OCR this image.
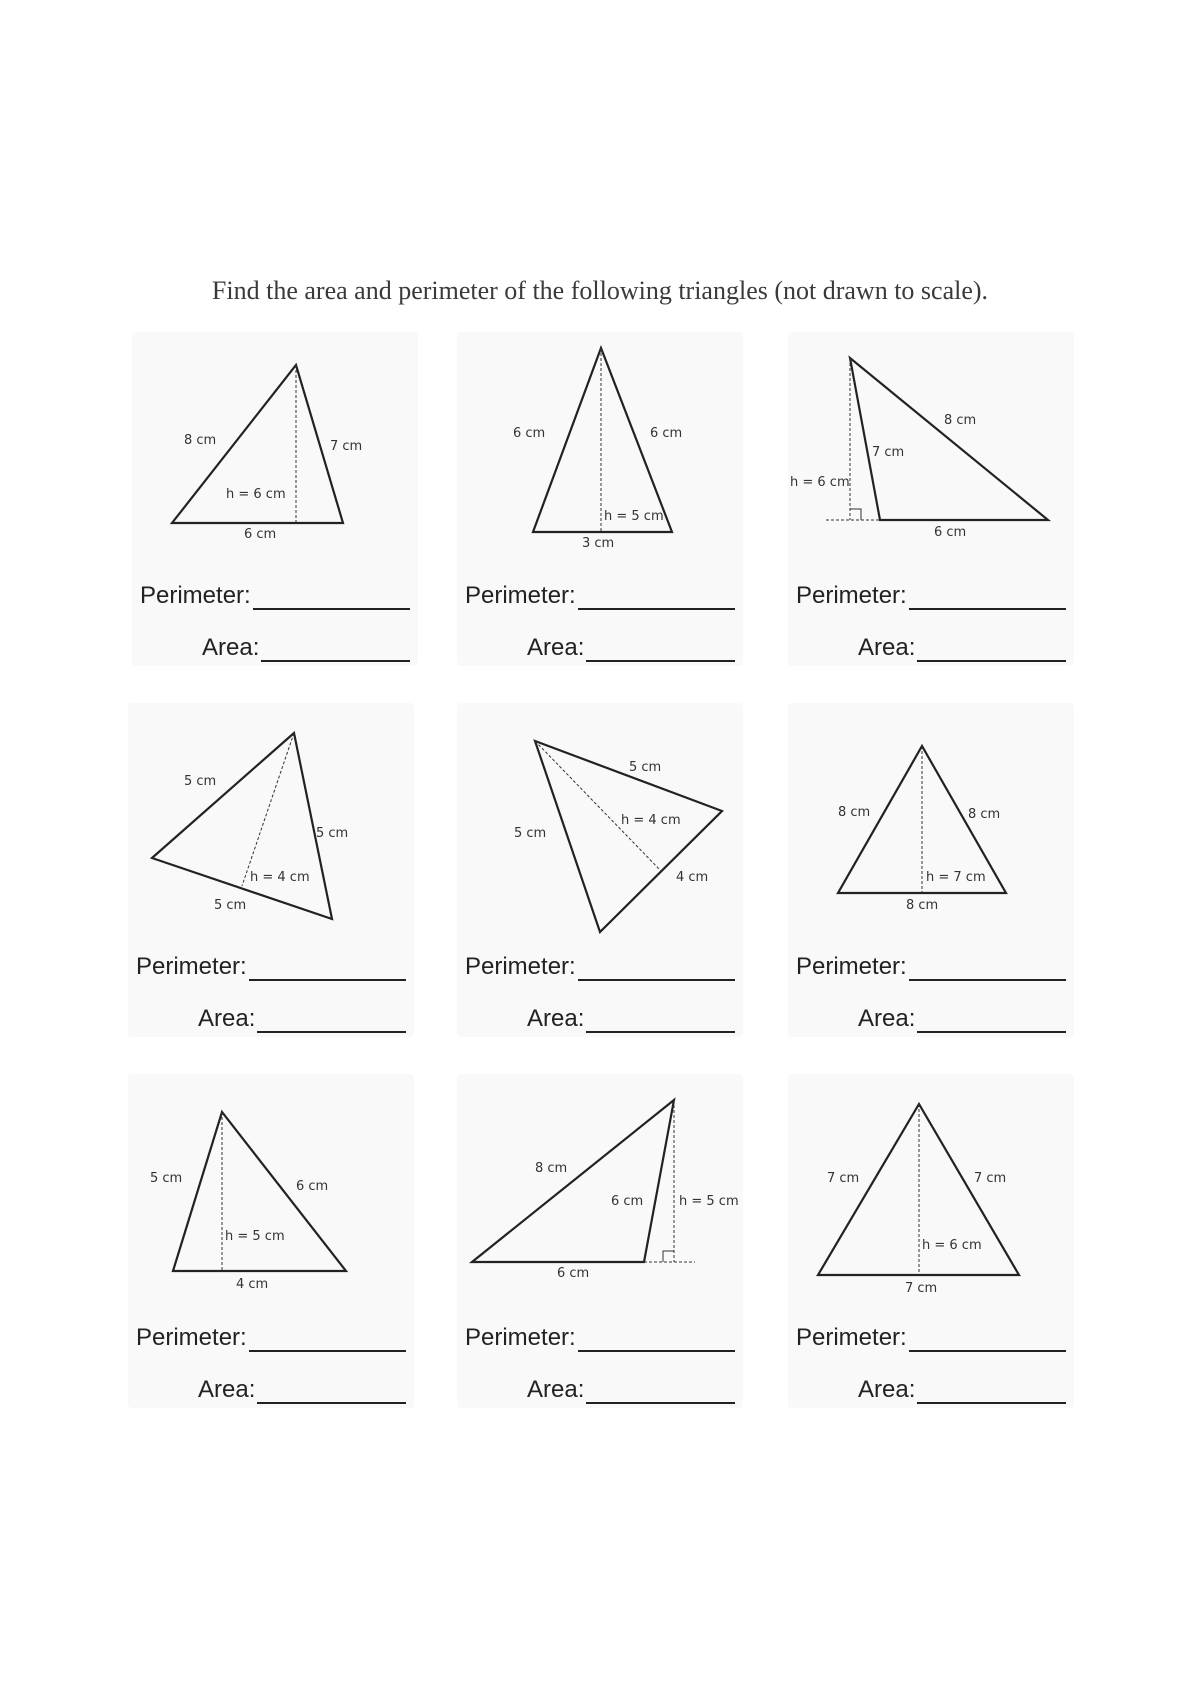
Find the area and perimeter of the following triangles (not drawn to scale).
8 cm	7 cm
h = 6 cm
6 cm
Perimeter:
Area:
6 cm	6 cm
h = 5 cm
3 cm
Perimeter:
Area:
8 cm
7 cm
h = 6 cm
6 cm
Perimeter:
Area:
5 cm
5 cm
h = 4 cm
5 cm
Perimeter:
Area:
5 cm
5 cm
h = 4 cm
4 cm
Perimeter:
Area:
8 cm	8 cm
h = 7 cm
8 cm
Perimeter:
Area:
5 cm
6 cm
h = 5 cm
4 cm
Perimeter:
Area:
8 cm
6 cm	h = 5 cm
6 cm
Perimeter:
Area:
7 cm	7 cm
h = 6 cm
7 cm
Perimeter:
Area:
